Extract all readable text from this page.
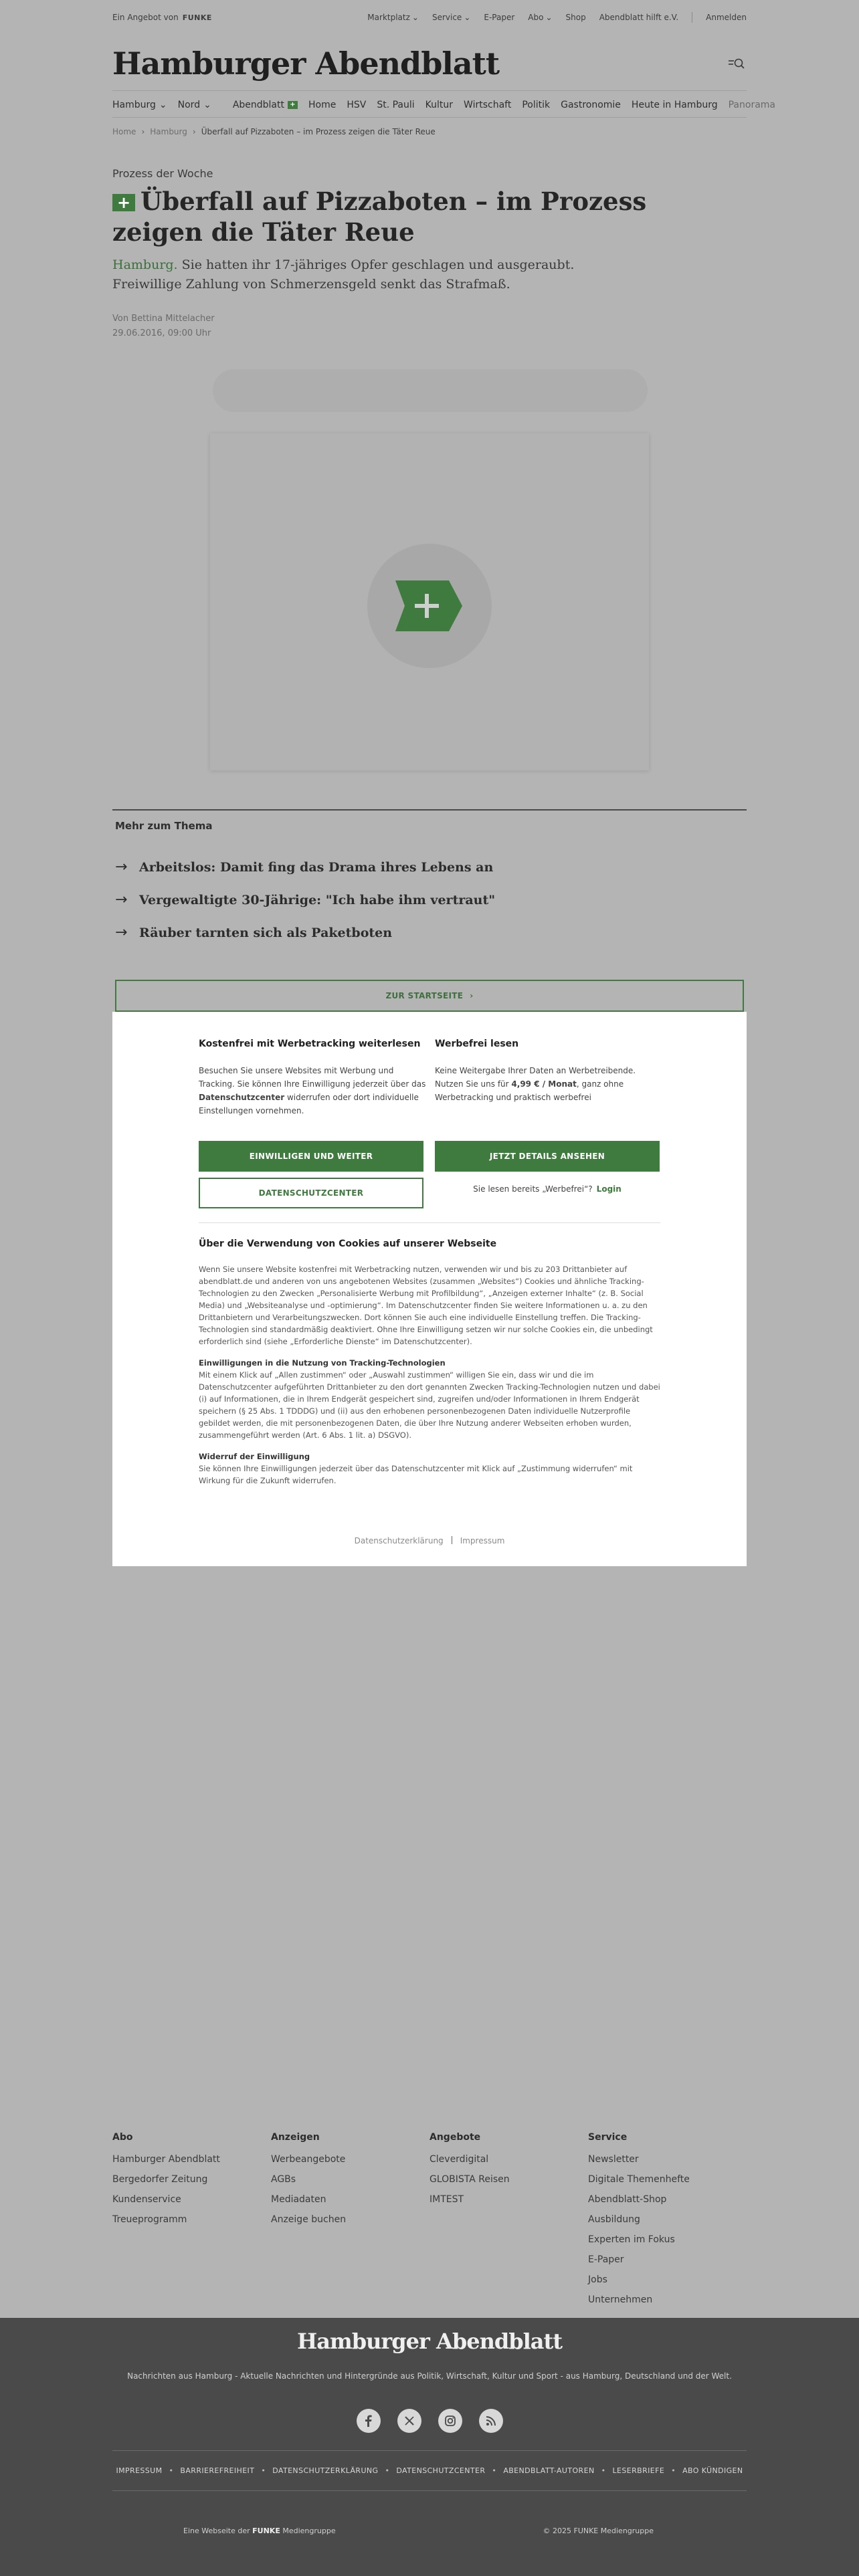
Ein Angebot von FUNKE	Marktplatz ⌄ Service ⌄ E-Paper Abo ⌄ Shop Abendblatt hilft e.V.	Anmelden
Hamburger Abendblatt
Hamburg ⌄ Nord ⌄ Abendblatt + Home HSV St. Pauli Kultur Wirtschaft Politik Gastronomie Heute in Hamburg Panorama
Home › Hamburg › Überfall auf Pizzaboten – im Prozess zeigen die Täter Reue
Prozess der Woche
+ Überfall auf Pizzaboten – im Prozess zeigen die Täter Reue
Hamburg. Sie hatten ihr 17-jähriges Opfer geschlagen und ausgeraubt. Freiwillige Zahlung von Schmerzensgeld senkt das Strafmaß.
Von Bettina Mittelacher
29.06.2016, 09:00 Uhr
Mehr zum Thema
→ Arbeitslos: Damit fing das Drama ihres Lebens an
→ Vergewaltigte 30-Jährige: "Ich habe ihm vertraut"
→ Räuber tarnten sich als Paketboten
ZUR STARTSEITE ›
Kostenfrei mit Werbetracking weiterlesen

Besuchen Sie unsere Websites mit Werbung und Tracking. Sie können Ihre Einwilligung jederzeit über das Datenschutzcenter widerrufen oder dort individuelle Einstellungen vornehmen.

Werbefrei lesen

Keine Weitergabe Ihrer Daten an Werbetreibende. Nutzen Sie uns für 4,99 € / Monat, ganz ohne Werbetracking und praktisch werbefrei

EINWILLIGEN UND WEITER	JETZT DETAILS ANSEHEN
DATENSCHUTZCENTER	Sie lesen bereits „Werbefrei“? Login
Über die Verwendung von Cookies auf unserer Webseite

Wenn Sie unsere Website kostenfrei mit Werbetracking nutzen, verwenden wir und bis zu 203 Drittanbieter auf abendblatt.de und anderen von uns angebotenen Websites (zusammen „Websites“) Cookies und ähnliche Tracking-Technologien zu den Zwecken „Personalisierte Werbung mit Profilbildung“, „Anzeigen externer Inhalte“ (z. B. Social Media) und „Websiteanalyse und -optimierung“. Im Datenschutzcenter finden Sie weitere Informationen u. a. zu den Drittanbietern und Verarbeitungszwecken. Dort können Sie auch eine individuelle Einstellung treffen. Die Tracking-Technologien sind standardmäßig deaktiviert. Ohne Ihre Einwilligung setzen wir nur solche Cookies ein, die unbedingt erforderlich sind (siehe „Erforderliche Dienste“ im Datenschutzcenter).

Einwilligungen in die Nutzung von Tracking-Technologien
Mit einem Klick auf „Allen zustimmen“ oder „Auswahl zustimmen“ willigen Sie ein, dass wir und die im Datenschutzcenter aufgeführten Drittanbieter zu den dort genannten Zwecken Tracking-Technologien nutzen und dabei (i) auf Informationen, die in Ihrem Endgerät gespeichert sind, zugreifen und/oder Informationen in Ihrem Endgerät speichern (§ 25 Abs. 1 TDDDG) und (ii) aus den erhobenen personenbezogenen Daten individuelle Nutzerprofile gebildet werden, die mit personenbezogenen Daten, die über Ihre Nutzung anderer Webseiten erhoben wurden, zusammengeführt werden (Art. 6 Abs. 1 lit. a) DSGVO).

Widerruf der Einwilligung
Sie können Ihre Einwilligungen jederzeit über das Datenschutzcenter mit Klick auf „Zustimmung widerrufen“ mit Wirkung für die Zukunft widerrufen.

Datenschutzerklärung Impressum
Abo
Hamburger Abendblatt
Bergedorfer Zeitung
Kundenservice
Treueprogramm
Anzeigen
Werbeangebote
AGBs
Mediadaten
Anzeige buchen
Angebote
Cleverdigital
GLOBISTA Reisen
IMTEST
Service
Newsletter
Digitale Themenhefte
Abendblatt-Shop
Ausbildung
Experten im Fokus
E-Paper
Jobs
Unternehmen
Hamburger Abendblatt
Nachrichten aus Hamburg - Aktuelle Nachrichten und Hintergründe aus Politik, Wirtschaft, Kultur und Sport - aus Hamburg, Deutschland und der Welt.
IMPRESSUM • BARRIEREFREIHEIT • DATENSCHUTZERKLÄRUNG • DATENSCHUTZCENTER • ABENDBLATT-AUTOREN • LESERBRIEFE • ABO KÜNDIGEN
Eine Webseite der FUNKE Mediengruppe	© 2025 FUNKE Mediengruppe
